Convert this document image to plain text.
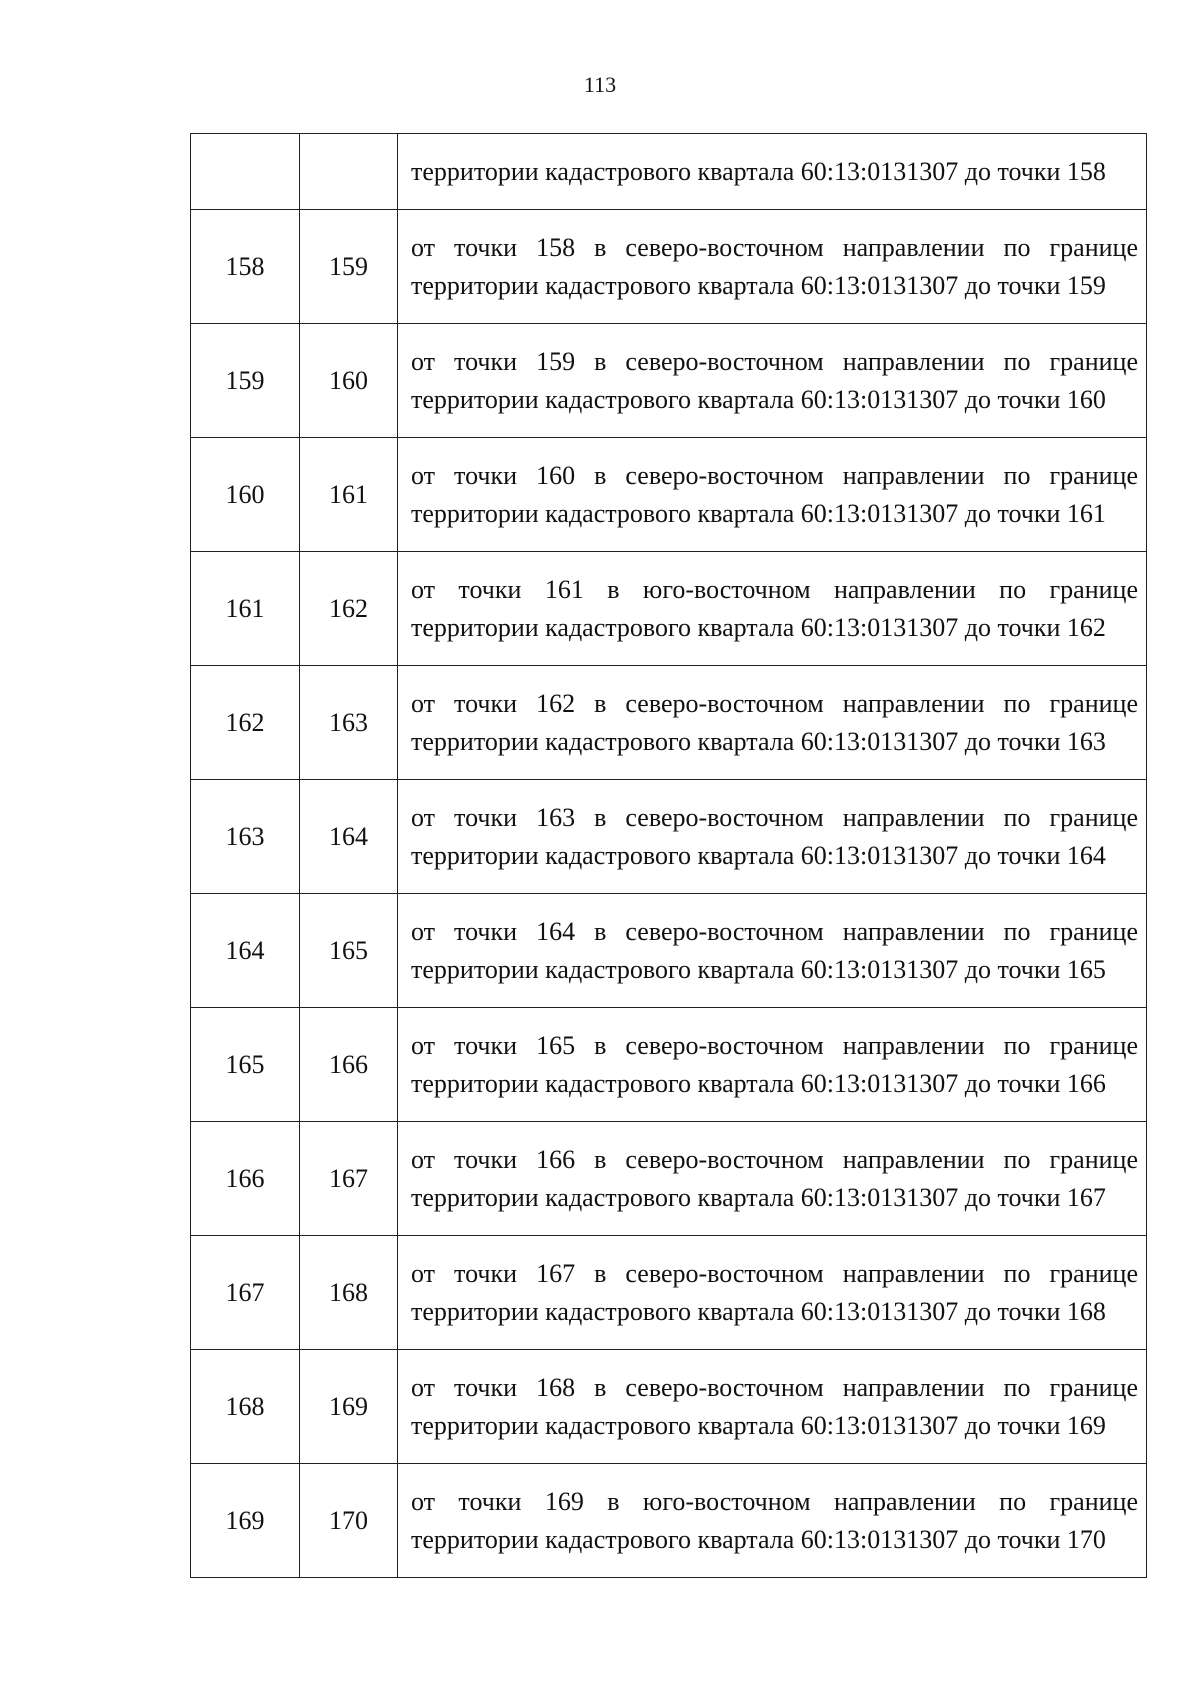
113
		территории кадастрового квартала 60:13:0131307 до точки 158
158	159	от точки 158 в северо-восточном направлении по границе территории кадастрового квартала 60:13:0131307 до точки 159
159	160	от точки 159 в северо-восточном направлении по границе территории кадастрового квартала 60:13:0131307 до точки 160
160	161	от точки 160 в северо-восточном направлении по границе территории кадастрового квартала 60:13:0131307 до точки 161
161	162	от точки 161 в юго-восточном направлении по границе территории кадастрового квартала 60:13:0131307 до точки 162
162	163	от точки 162 в северо-восточном направлении по границе территории кадастрового квартала 60:13:0131307 до точки 163
163	164	от точки 163 в северо-восточном направлении по границе территории кадастрового квартала 60:13:0131307 до точки 164
164	165	от точки 164 в северо-восточном направлении по границе территории кадастрового квартала 60:13:0131307 до точки 165
165	166	от точки 165 в северо-восточном направлении по границе территории кадастрового квартала 60:13:0131307 до точки 166
166	167	от точки 166 в северо-восточном направлении по границе территории кадастрового квартала 60:13:0131307 до точки 167
167	168	от точки 167 в северо-восточном направлении по границе территории кадастрового квартала 60:13:0131307 до точки 168
168	169	от точки 168 в северо-восточном направлении по границе территории кадастрового квартала 60:13:0131307 до точки 169
169	170	от точки 169 в юго-восточном направлении по границе территории кадастрового квартала 60:13:0131307 до точки 170
